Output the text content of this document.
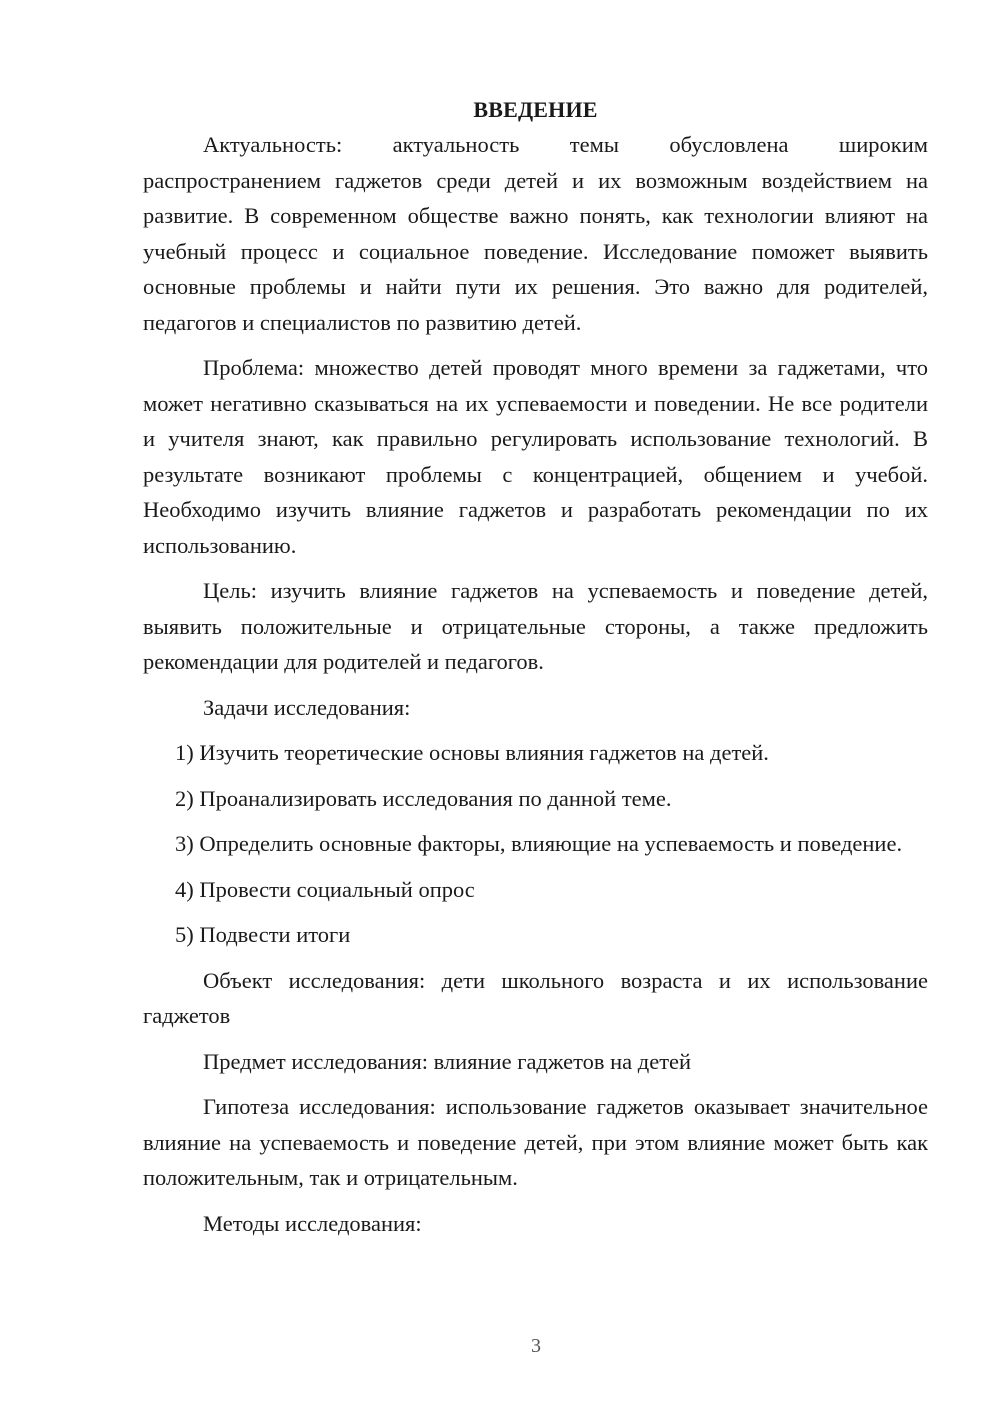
ВВЕДЕНИЕ

Актуальность: актуальность темы обусловлена широким распространением гаджетов среди детей и их возможным воздействием на развитие. В современном обществе важно понять, как технологии влияют на учебный процесс и социальное поведение. Исследование поможет выявить основные проблемы и найти пути их решения. Это важно для родителей, педагогов и специалистов по развитию детей.

Проблема: множество детей проводят много времени за гаджетами, что может негативно сказываться на их успеваемости и поведении. Не все родители и учителя знают, как правильно регулировать использование технологий. В результате возникают проблемы с концентрацией, общением и учебой. Необходимо изучить влияние гаджетов и разработать рекомендации по их использованию.

Цель: изучить влияние гаджетов на успеваемость и поведение детей, выявить положительные и отрицательные стороны, а также предложить рекомендации для родителей и педагогов.

Задачи исследования:

1) Изучить теоретические основы влияния гаджетов на детей.

2) Проанализировать исследования по данной теме.

3) Определить основные факторы, влияющие на успеваемость и поведение.

4) Провести социальный опрос

5) Подвести итоги

Объект исследования: дети школьного возраста и их использование гаджетов

Предмет исследования: влияние гаджетов на детей

Гипотеза исследования: использование гаджетов оказывает значительное влияние на успеваемость и поведение детей, при этом влияние может быть как положительным, так и отрицательным.

Методы исследования:

3
